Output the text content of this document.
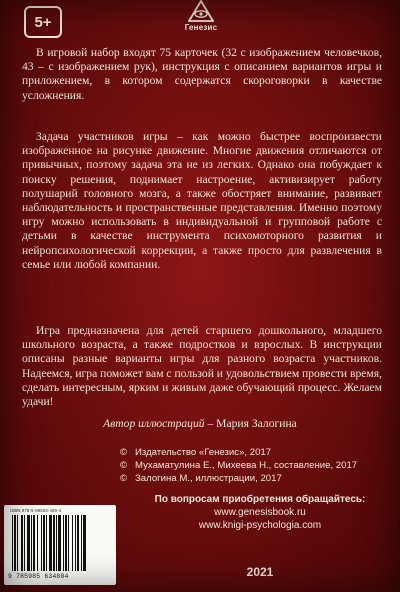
5+	Генезис

В игровой набор входят 75 карточек (32 с изображением человечков, 43 – с изображением рук), инструкция с описанием вариантов игры и приложением, в котором содержатся скороговорки в качестве усложнения.

Задача участников игры – как можно быстрее воспроизвести изображенное на рисунке движение. Многие движения отличаются от привычных, поэтому задача эта не из легких. Однако она побуждает к поиску решения, поднимает настроение, активизирует работу полушарий головного мозга, а также обостряет внимание, развивает наблюдательность и пространственные представления. Именно поэтому игру можно использовать в индивидуальной и групповой работе с детьми в качестве инструмента психомоторного развития и нейропсихологической коррекции, а также просто для развлечения в семье или любой компании.

Игра предназначена для детей старшего дошкольного, младшего школьного возраста, а также подростков и взрослых. В инструкции описаны разные варианты игры для разного возраста участников. Надеемся, игра поможет вам с пользой и удовольствием провести время, сделать интересным, ярким и живым даже обучающий процесс. Желаем удачи!

Автор иллюстраций – Мария Залогина
© Издательство «Генезис», 2017
© Мухаматулина Е., Михеева Н., составление, 2017
© Залогина М., иллюстрации, 2017
ISBN 978-5-98563-488-4
9 785985 634884
По вопросам приобретения обращайтесь:
www.genesisbook.ru
www.knigi-psychologia.com
2021
